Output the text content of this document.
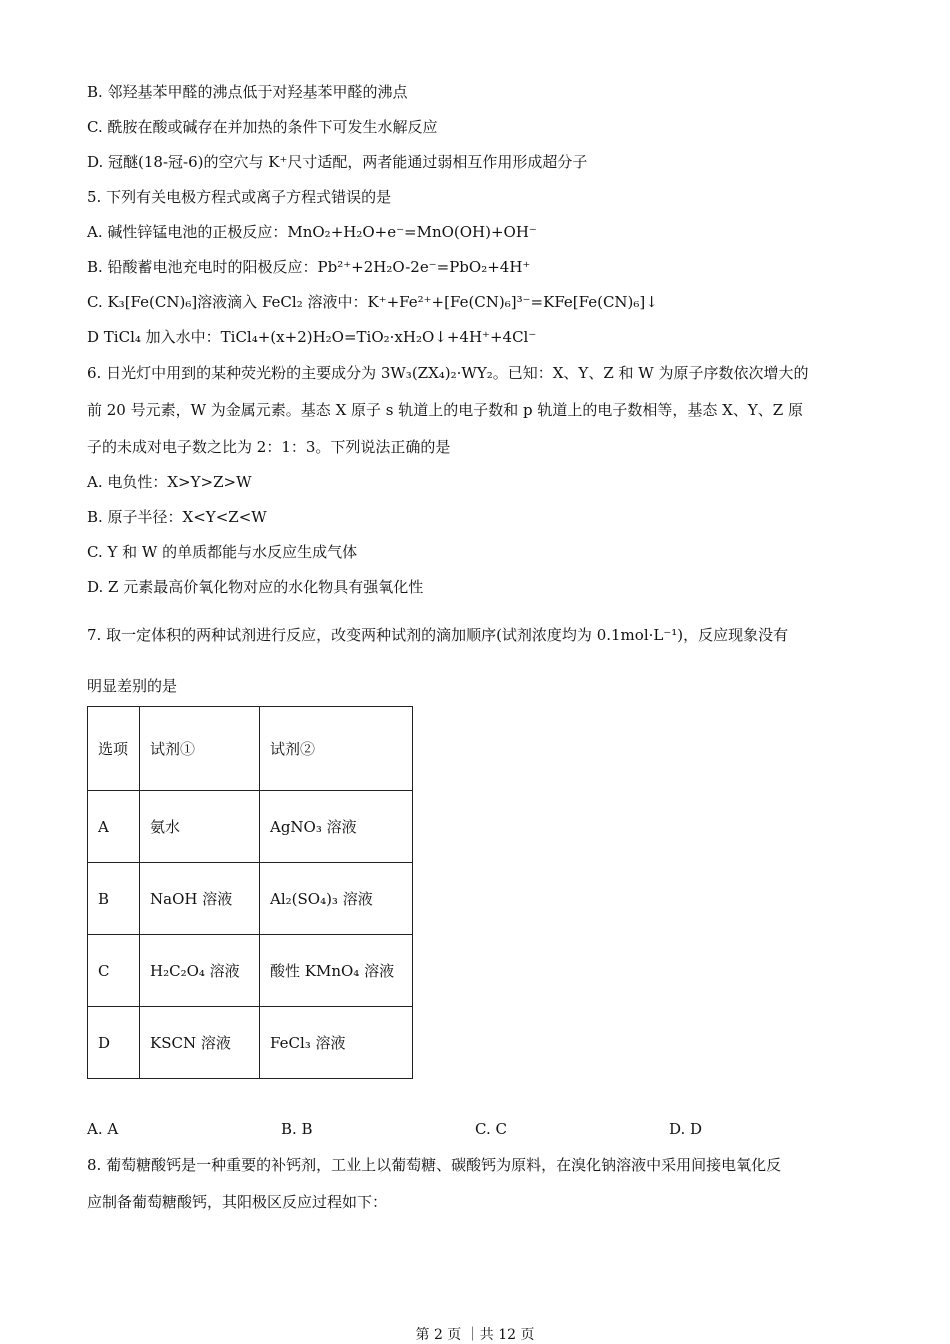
B. 邻羟基苯甲醛的沸点低于对羟基苯甲醛的沸点
C. 酰胺在酸或碱存在并加热的条件下可发生水解反应
D. 冠醚(18-冠-6)的空穴与 K⁺尺寸适配，两者能通过弱相互作用形成超分子
5. 下列有关电极方程式或离子方程式错误的是
A. 碱性锌锰电池的正极反应：MnO₂+H₂O+e⁻=MnO(OH)+OH⁻
B. 铅酸蓄电池充电时的阳极反应：Pb²⁺+2H₂O-2e⁻=PbO₂+4H⁺
C. K₃[Fe(CN)₆]溶液滴入 FeCl₂ 溶液中：K⁺+Fe²⁺+[Fe(CN)₆]³⁻=KFe[Fe(CN)₆]↓
D TiCl₄ 加入水中：TiCl₄+(x+2)H₂O=TiO₂·xH₂O↓+4H⁺+4Cl⁻
6. 日光灯中用到的某种荧光粉的主要成分为 3W₃(ZX₄)₂·WY₂。已知：X、Y、Z 和 W 为原子序数依次增大的
前 20 号元素，W 为金属元素。基态 X 原子 s 轨道上的电子数和 p 轨道上的电子数相等，基态 X、Y、Z 原
子的未成对电子数之比为 2：1：3。下列说法正确的是
A. 电负性：X>Y>Z>W
B. 原子半径：X<Y<Z<W
C. Y 和 W 的单质都能与水反应生成气体
D. Z 元素最高价氧化物对应的水化物具有强氧化性
7. 取一定体积的两种试剂进行反应，改变两种试剂的滴加顺序(试剂浓度均为 0.1mol·L⁻¹)，反应现象没有
明显差别的是
选项	试剂①	试剂②
A	氨水	AgNO₃ 溶液
B	NaOH 溶液	Al₂(SO₄)₃ 溶液
C	H₂C₂O₄ 溶液	酸性 KMnO₄ 溶液
D	KSCN 溶液	FeCl₃ 溶液
A. A	B. B	C. C	D. D
8. 葡萄糖酸钙是一种重要的补钙剂，工业上以葡萄糖、碳酸钙为原料，在溴化钠溶液中采用间接电氧化反
应制备葡萄糖酸钙，其阳极区反应过程如下：
第 2 页 ｜共 12 页
